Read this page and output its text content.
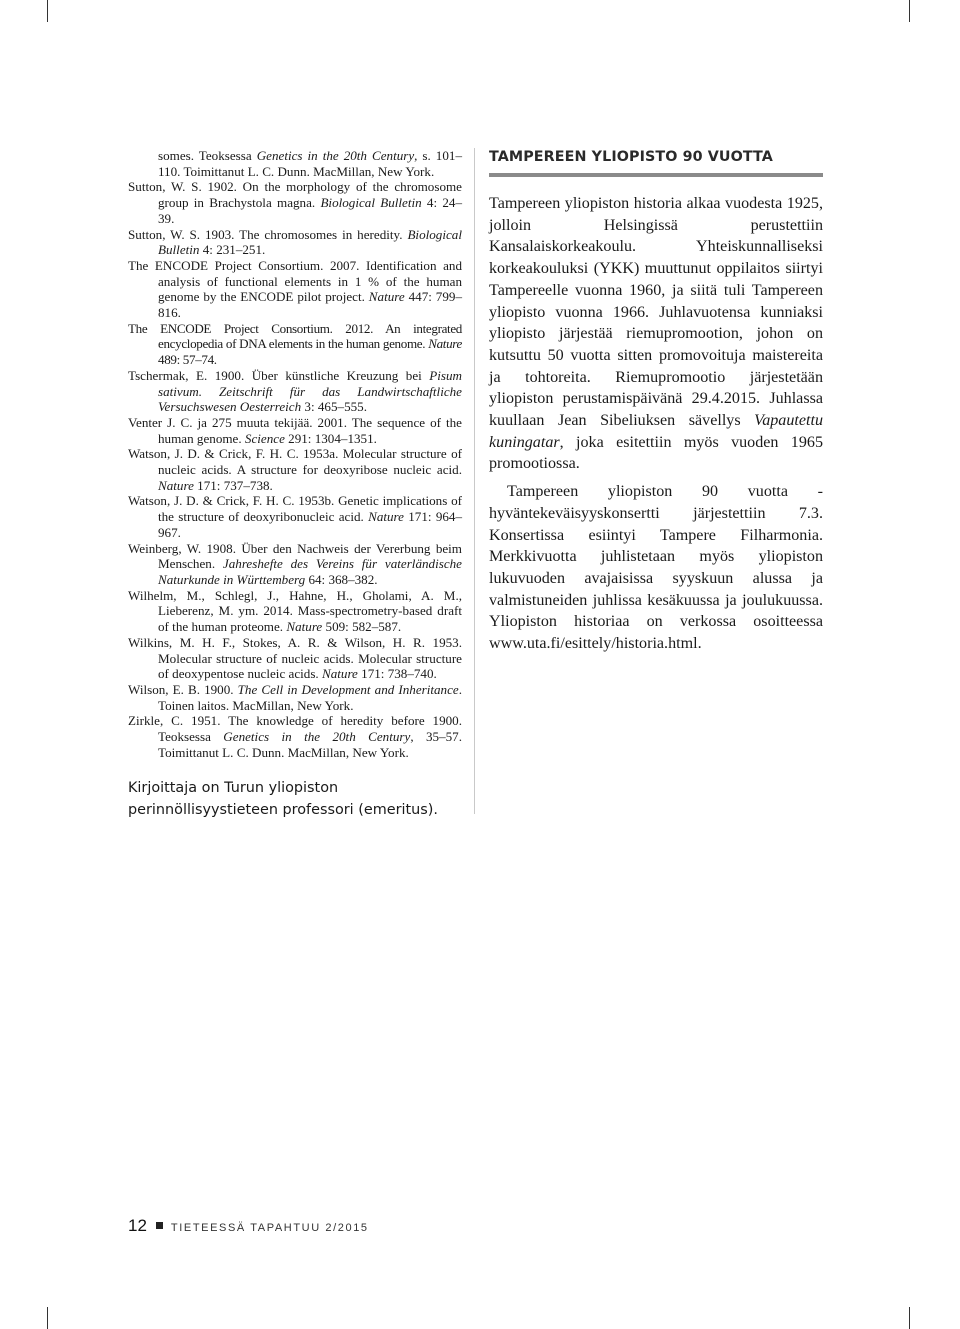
somes. Teoksessa Genetics in the 20th Century, s. 101–110. Toimittanut L. C. Dunn. MacMillan, New York.

Sutton, W. S. 1902. On the morphology of the chromosome group in Brachystola magna. Biological Bulletin 4: 24–39.

Sutton, W. S. 1903. The chromosomes in heredity. Biological Bulletin 4: 231–251.

The ENCODE Project Consortium. 2007. Identification and analysis of functional elements in 1 % of the human genome by the ENCODE pilot project. Nature 447: 799–816.

The ENCODE Project Consortium. 2012. An integrated encyclopedia of DNA elements in the human genome. Nature 489: 57–74.

Tschermak, E. 1900. Über künstliche Kreuzung bei Pisum sativum. Zeitschrift für das Landwirtschaftliche Versuchswesen Oesterreich 3: 465–555.

Venter J. C. ja 275 muuta tekijää. 2001. The sequence of the human genome. Science 291: 1304–1351.

Watson, J. D. & Crick, F. H. C. 1953a. Molecular structure of nucleic acids. A structure for deoxyribose nucleic acid. Nature 171: 737–738.

Watson, J. D. & Crick, F. H. C. 1953b. Genetic implications of the structure of deoxyribonucleic acid. Nature 171: 964–967.

Weinberg, W. 1908. Über den Nachweis der Vererbung beim Menschen. Jahreshefte des Vereins für vaterländische Naturkunde in Württemberg 64: 368–382.

Wilhelm, M., Schlegl, J., Hahne, H., Gholami, A. M., Lieberenz, M. ym. 2014. Mass-spectrometry-based draft of the human proteome. Nature 509: 582–587.

Wilkins, M. H. F., Stokes, A. R. & Wilson, H. R. 1953. Molecular structure of nucleic acids. Molecular structure of deoxypentose nucleic acids. Nature 171: 738–740.

Wilson, E. B. 1900. The Cell in Development and Inheritance. Toinen laitos. MacMillan, New York.

Zirkle, C. 1951. The knowledge of heredity before 1900. Teoksessa Genetics in the 20th Century, 35–57. Toimittanut L. C. Dunn. MacMillan, New York.

Kirjoittaja on Turun yliopiston perinnöllisyystieteen professori (emeritus).
TAMPEREEN YLIOPISTO 90 VUOTTA

Tampereen yliopiston historia alkaa vuodesta 1925, jolloin Helsingissä perustettiin Kansalaiskorkeakoulu. Yhteiskunnalliseksi korkeakouluksi (YKK) muuttunut oppilaitos siirtyi Tampereelle vuonna 1960, ja siitä tuli Tampereen yliopisto vuonna 1966. Juhlavuotensa kunniaksi yliopisto järjestää riemupromootion, johon on kutsuttu 50 vuotta sitten promovoituja maistereita ja tohtoreita. Riemupromootio järjestetään yliopiston perustamispäivänä 29.4.2015. Juhlassa kuullaan Jean Sibeliuksen sävellys Vapautettu kuningatar, joka esitettiin myös vuoden 1965 promootiossa.

Tampereen yliopiston 90 vuotta -hyväntekeväisyyskonsertti järjestettiin 7.3. Konsertissa esiintyi Tampere Filharmonia. Merkkivuotta juhlistetaan myös yliopiston lukuvuoden avajaisissa syyskuun alussa ja valmistuneiden juhlissa kesäkuussa ja joulukuussa. Yliopiston historiaa on verkossa osoitteessa www.uta.fi/esittely/historia.html.

12 TIETEESSÄ TAPAHTUU 2/2015
